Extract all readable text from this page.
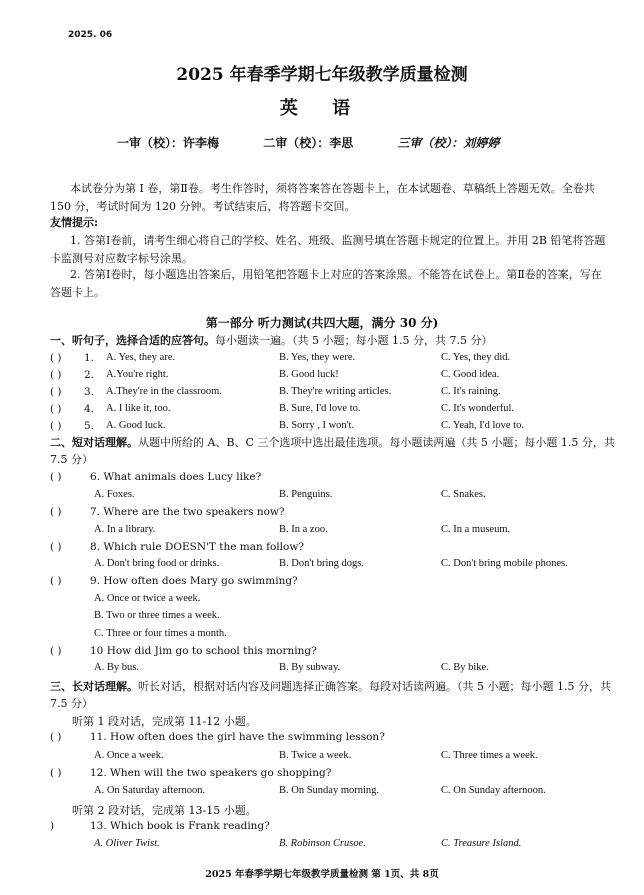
2025. 06
2025 年春季学期七年级教学质量检测
英 语
一审（校）：许李梅	二审（校）：李思	三审（校）：刘婷婷
本试卷分为第 I 卷，第Ⅱ卷。考生作答时，须将答案答在答题卡上，在本试题卷、草稿纸上答题无效。全卷共 150 分，考试时间为 120 分钟。考试结束后，将答题卡交回。
友情提示:
1. 答第Ⅰ卷前，请考生细心将自己的学校、姓名、班级、监测号填在答题卡规定的位置上。并用 2B 铅笔将答题卡监测号对应数字标号涂黑。
2. 答第Ⅰ卷时，每小题选出答案后，用铅笔把答题卡上对应的答案涂黑。不能答在试卷上。第Ⅱ卷的答案，写在答题卡上。
第一部分 听力测试(共四大题，满分 30 分)
一、听句子，选择合适的应答句。每小题读一遍。（共 5 小题；每小题 1.5 分，共 7.5 分）
二、短对话理解。从题中所给的 A、B、C 三个选项中选出最佳选项。每小题读两遍（共 5 小题；每小题 1.5 分，共 7.5 分）
( )	6. What animals does Lucy like?
A. Foxes.	B. Penguins.	C. Snakes.
( )	7. Where are the two speakers now?
A. In a library.	B. In a zoo.	C. In a museum.
( )	8. Which rule DOESN'T the man follow?
A. Don't bring food or drinks.	B. Don't bring dogs.	C. Don't bring mobile phones.
( )	9. How often does Mary go swimming?
A. Once or twice a week.
B. Two or three times a week.
C. Three or four times a month.
( )	10 How did Jim go to school this morning?
A. By bus.	B. By subway.	C. By bike.
三、长对话理解。听长对话，根据对话内容及问题选择正确答案。每段对话读两遍。（共 5 小题；每小题 1.5 分，共 7.5 分）
听第 1 段对话，完成第 11-12 小题。
( )	11. How often does the girl have the swimming lesson?
A. Once a week.	B. Twice a week.	C. Three times a week.
( )	12. When will the two speakers go shopping?
A. On Saturday afternoon.	B. On Sunday morning.	C. On Sunday afternoon.
听第 2 段对话，完成第 13-15 小题。
)	13. Which book is Frank reading?
A. Oliver Twist.	B. Robinson Crusoe.	C. Treasure Island.
2025 年春季学期七年级教学质量检测 第 1页、共 8页
( ) 1. A. Yes, they are.	B. Yes, they were.	C. Yes, they did.
( ) 2. A.You're right.	B. Good luck!	C. Good idea.
( ) 3. A.They're in the classroom.	B. They're writing articles.	C. It's raining.
( ) 4. A. I like it, too.	B. Sure, I'd love to.	C. It's wonderful.
( ) 5. A. Good luck.	B. Sorry , I won't.	C. Yeah, I'd love to.
